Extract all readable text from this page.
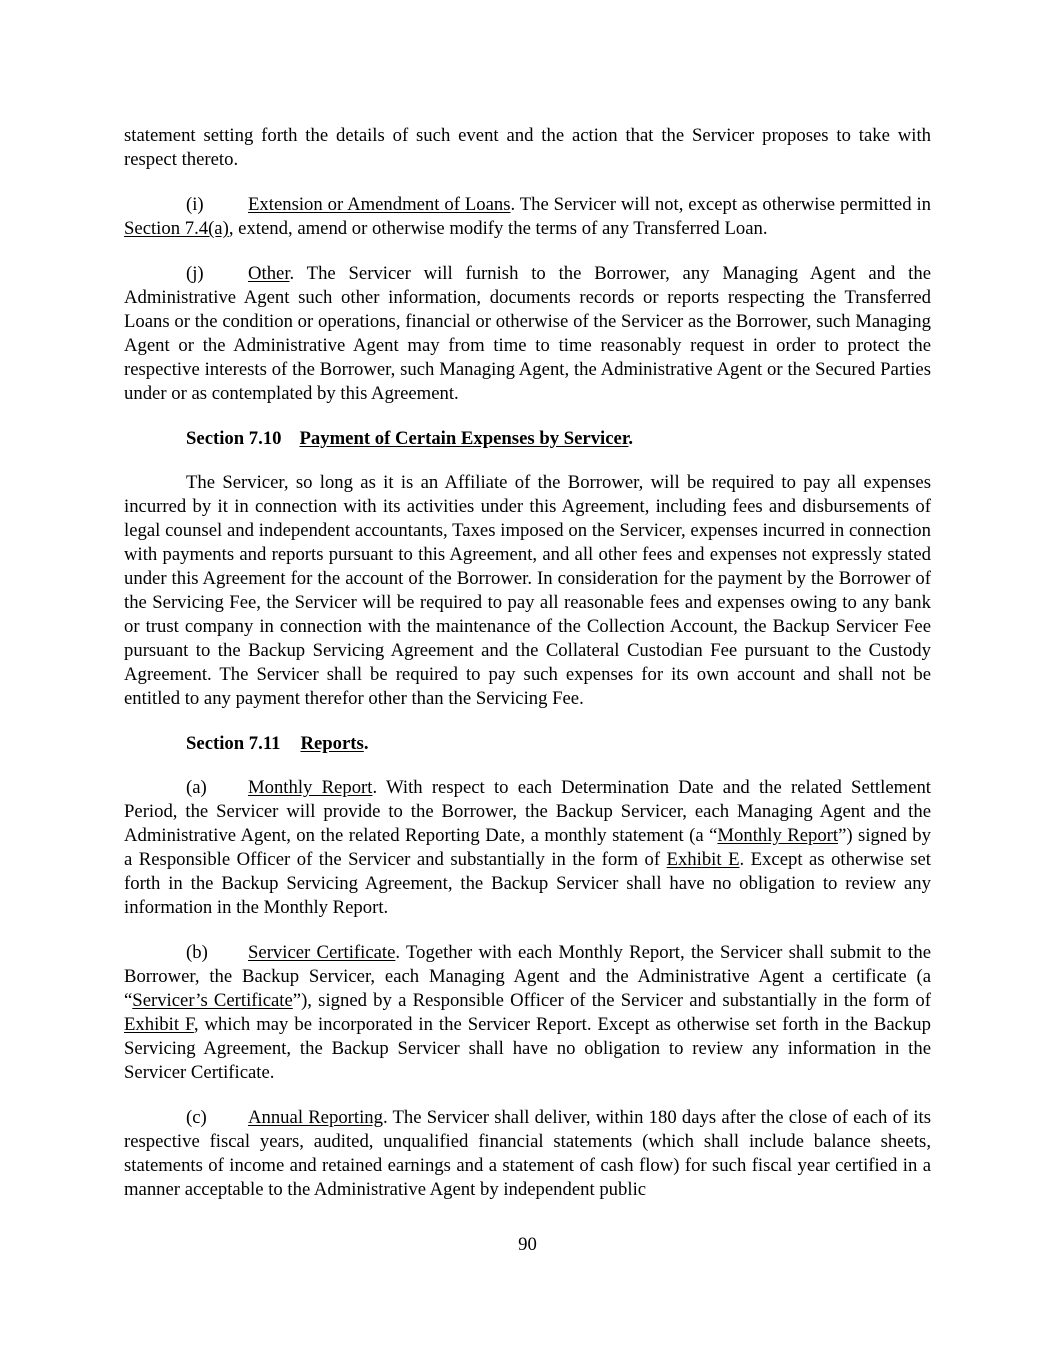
statement setting forth the details of such event and the action that the Servicer proposes to take with respect thereto.

(i) Extension or Amendment of Loans. The Servicer will not, except as otherwise permitted in Section 7.4(a), extend, amend or otherwise modify the terms of any Transferred Loan.

(j) Other. The Servicer will furnish to the Borrower, any Managing Agent and the Administrative Agent such other information, documents records or reports respecting the Transferred Loans or the condition or operations, financial or otherwise of the Servicer as the Borrower, such Managing Agent or the Administrative Agent may from time to time reasonably request in order to protect the respective interests of the Borrower, such Managing Agent, the Administrative Agent or the Secured Parties under or as contemplated by this Agreement.

Section 7.10 Payment of Certain Expenses by Servicer.

The Servicer, so long as it is an Affiliate of the Borrower, will be required to pay all expenses incurred by it in connection with its activities under this Agreement, including fees and disbursements of legal counsel and independent accountants, Taxes imposed on the Servicer, expenses incurred in connection with payments and reports pursuant to this Agreement, and all other fees and expenses not expressly stated under this Agreement for the account of the Borrower. In consideration for the payment by the Borrower of the Servicing Fee, the Servicer will be required to pay all reasonable fees and expenses owing to any bank or trust company in connection with the maintenance of the Collection Account, the Backup Servicer Fee pursuant to the Backup Servicing Agreement and the Collateral Custodian Fee pursuant to the Custody Agreement. The Servicer shall be required to pay such expenses for its own account and shall not be entitled to any payment therefor other than the Servicing Fee.

Section 7.11 Reports.

(a) Monthly Report. With respect to each Determination Date and the related Settlement Period, the Servicer will provide to the Borrower, the Backup Servicer, each Managing Agent and the Administrative Agent, on the related Reporting Date, a monthly statement (a “Monthly Report”) signed by a Responsible Officer of the Servicer and substantially in the form of Exhibit E. Except as otherwise set forth in the Backup Servicing Agreement, the Backup Servicer shall have no obligation to review any information in the Monthly Report.

(b) Servicer Certificate. Together with each Monthly Report, the Servicer shall submit to the Borrower, the Backup Servicer, each Managing Agent and the Administrative Agent a certificate (a “Servicer’s Certificate”), signed by a Responsible Officer of the Servicer and substantially in the form of Exhibit F, which may be incorporated in the Servicer Report. Except as otherwise set forth in the Backup Servicing Agreement, the Backup Servicer shall have no obligation to review any information in the Servicer Certificate.

(c) Annual Reporting. The Servicer shall deliver, within 180 days after the close of each of its respective fiscal years, audited, unqualified financial statements (which shall include balance sheets, statements of income and retained earnings and a statement of cash flow) for such fiscal year certified in a manner acceptable to the Administrative Agent by independent public

90
